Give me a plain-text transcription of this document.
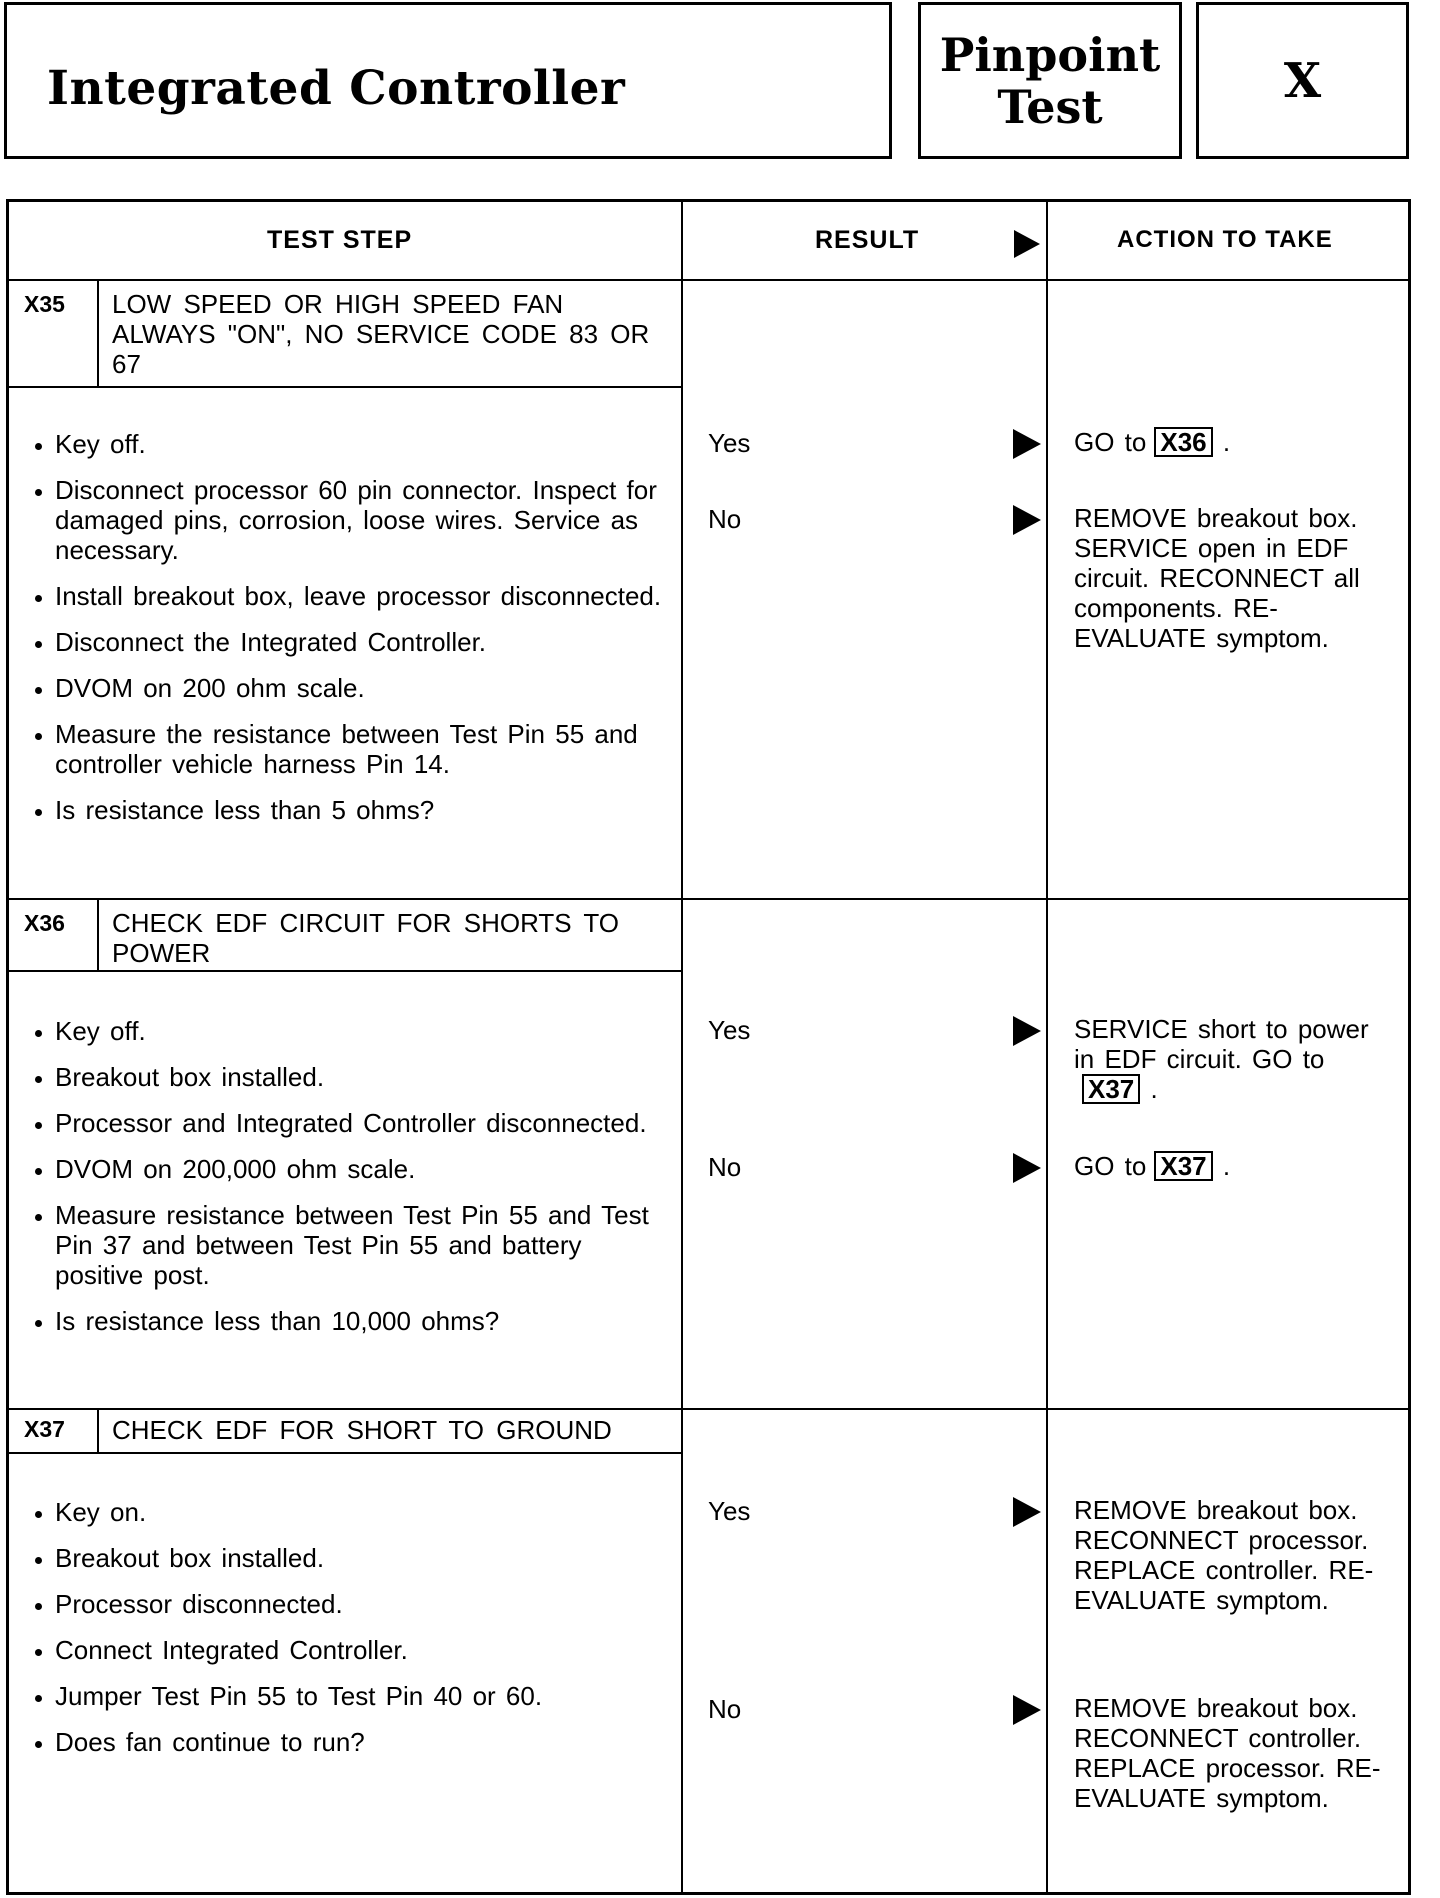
Integrated Controller
Pinpoint
Test	X
TEST STEP	RESULT	ACTION TO TAKE
X35	LOW SPEED OR HIGH SPEED FAN ALWAYS "ON", NO SERVICE CODE 83 OR 67
Key off.
Disconnect processor 60 pin connector. Inspect for damaged pins, corrosion, loose wires. Service as necessary.
Install breakout box, leave processor disconnected.
Disconnect the Integrated Controller.
DVOM on 200 ohm scale.
Measure the resistance between Test Pin 55 and controller vehicle harness Pin 14.
Is resistance less than 5 ohms?
Yes	GO to X36 .
No	REMOVE breakout box. SERVICE open in EDF circuit. RECONNECT all components. RE-EVALUATE symptom.
X36	CHECK EDF CIRCUIT FOR SHORTS TO POWER
Key off.
Breakout box installed.
Processor and Integrated Controller disconnected.
DVOM on 200,000 ohm scale.
Measure resistance between Test Pin 55 and Test Pin 37 and between Test Pin 55 and battery positive post.
Is resistance less than 10,000 ohms?
Yes	SERVICE short to power in EDF circuit. GO toX37 .
No	GO to X37 .
X37	CHECK EDF FOR SHORT TO GROUND
Key on.
Breakout box installed.
Processor disconnected.
Connect Integrated Controller.
Jumper Test Pin 55 to Test Pin 40 or 60.
Does fan continue to run?
Yes	REMOVE breakout box. RECONNECT processor. REPLACE controller. RE-EVALUATE symptom.
No	REMOVE breakout box. RECONNECT controller. REPLACE processor. RE-EVALUATE symptom.
